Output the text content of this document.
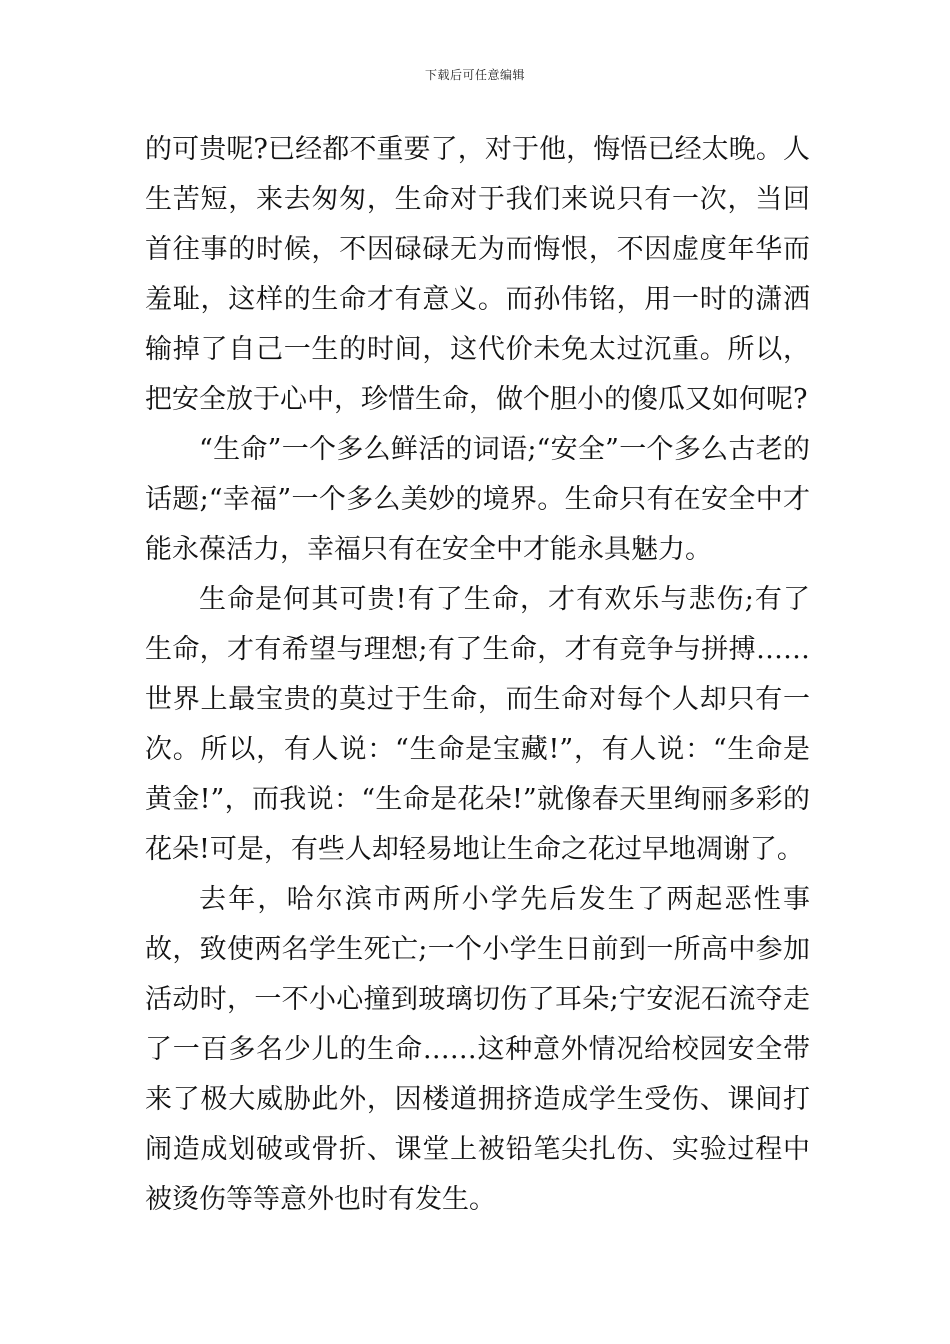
下载后可任意编辑

的可贵呢?已经都不重要了，对于他，悔悟已经太晚。人生苦短，来去匆匆，生命对于我们来说只有一次，当回首往事的时候，不因碌碌无为而悔恨，不因虚度年华而羞耻，这样的生命才有意义。而孙伟铭，用一时的潇洒输掉了自己一生的时间，这代价未免太过沉重。所以，把安全放于心中，珍惜生命，做个胆小的傻瓜又如何呢?

“生命”一个多么鲜活的词语;“安全”一个多么古老的话题;“幸福”一个多么美妙的境界。生命只有在安全中才能永葆活力，幸福只有在安全中才能永具魅力。

生命是何其可贵!有了生命，才有欢乐与悲伤;有了生命，才有希望与理想;有了生命，才有竞争与拼搏……世界上最宝贵的莫过于生命，而生命对每个人却只有一次。所以，有人说：“生命是宝藏!”，有人说：“生命是黄金!”，而我说：“生命是花朵!”就像春天里绚丽多彩的花朵!可是，有些人却轻易地让生命之花过早地凋谢了。

去年，哈尔滨市两所小学先后发生了两起恶性事故，致使两名学生死亡;一个小学生日前到一所高中参加活动时，一不小心撞到玻璃切伤了耳朵;宁安泥石流夺走了一百多名少儿的生命……这种意外情况给校园安全带来了极大威胁此外，因楼道拥挤造成学生受伤、课间打闹造成划破或骨折、课堂上被铅笔尖扎伤、实验过程中被烫伤等等意外也时有发生。
